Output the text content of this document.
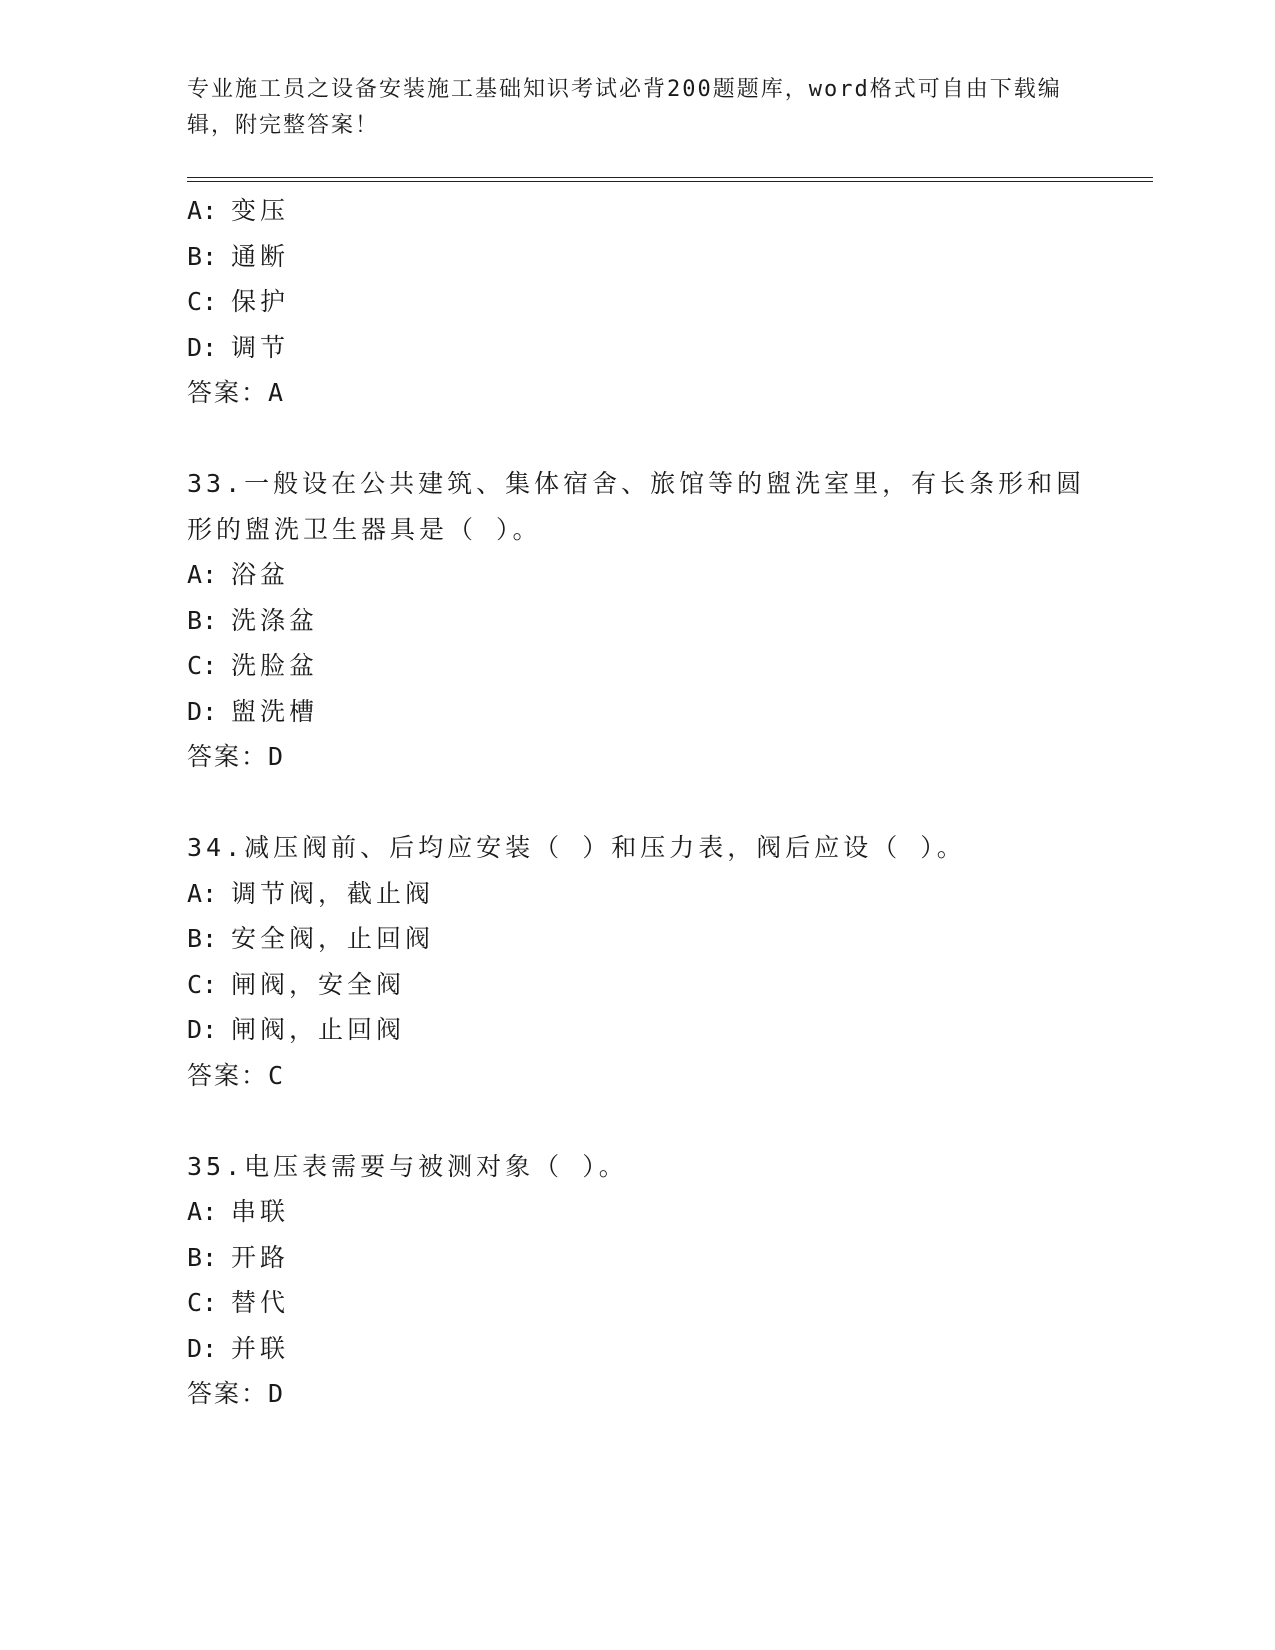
专业施工员之设备安装施工基础知识考试必背200题题库，word格式可自由下载编辑，附完整答案！
A: 变压
B: 通断
C: 保护
D: 调节
答案：A
33.一般设在公共建筑、集体宿舍、旅馆等的盥洗室里，有长条形和圆形的盥洗卫生器具是（ ）。
A: 浴盆
B: 洗涤盆
C: 洗脸盆
D: 盥洗槽
答案：D
34.减压阀前、后均应安装（ ）和压力表，阀后应设（ ）。
A: 调节阀，截止阀
B: 安全阀，止回阀
C: 闸阀，安全阀
D: 闸阀，止回阀
答案：C
35.电压表需要与被测对象（ ）。
A: 串联
B: 开路
C: 替代
D: 并联
答案：D
